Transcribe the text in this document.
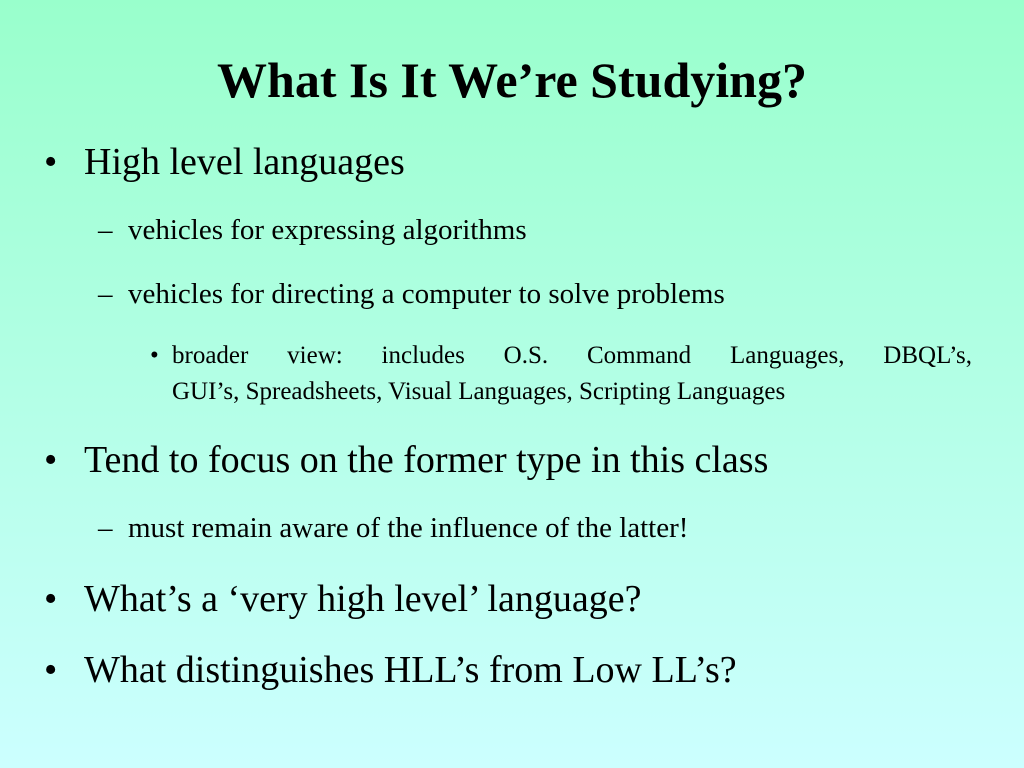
What Is It We’re Studying?
• High level languages
– vehicles for expressing algorithms
– vehicles for directing a computer to solve problems
• broader view: includes O.S. Command Languages, DBQL’s,
GUI’s, Spreadsheets, Visual Languages, Scripting Languages
• Tend to focus on the former type in this class
– must remain aware of the influence of the latter!
• What’s a ‘very high level’ language?
• What distinguishes HLL’s from Low LL’s?
